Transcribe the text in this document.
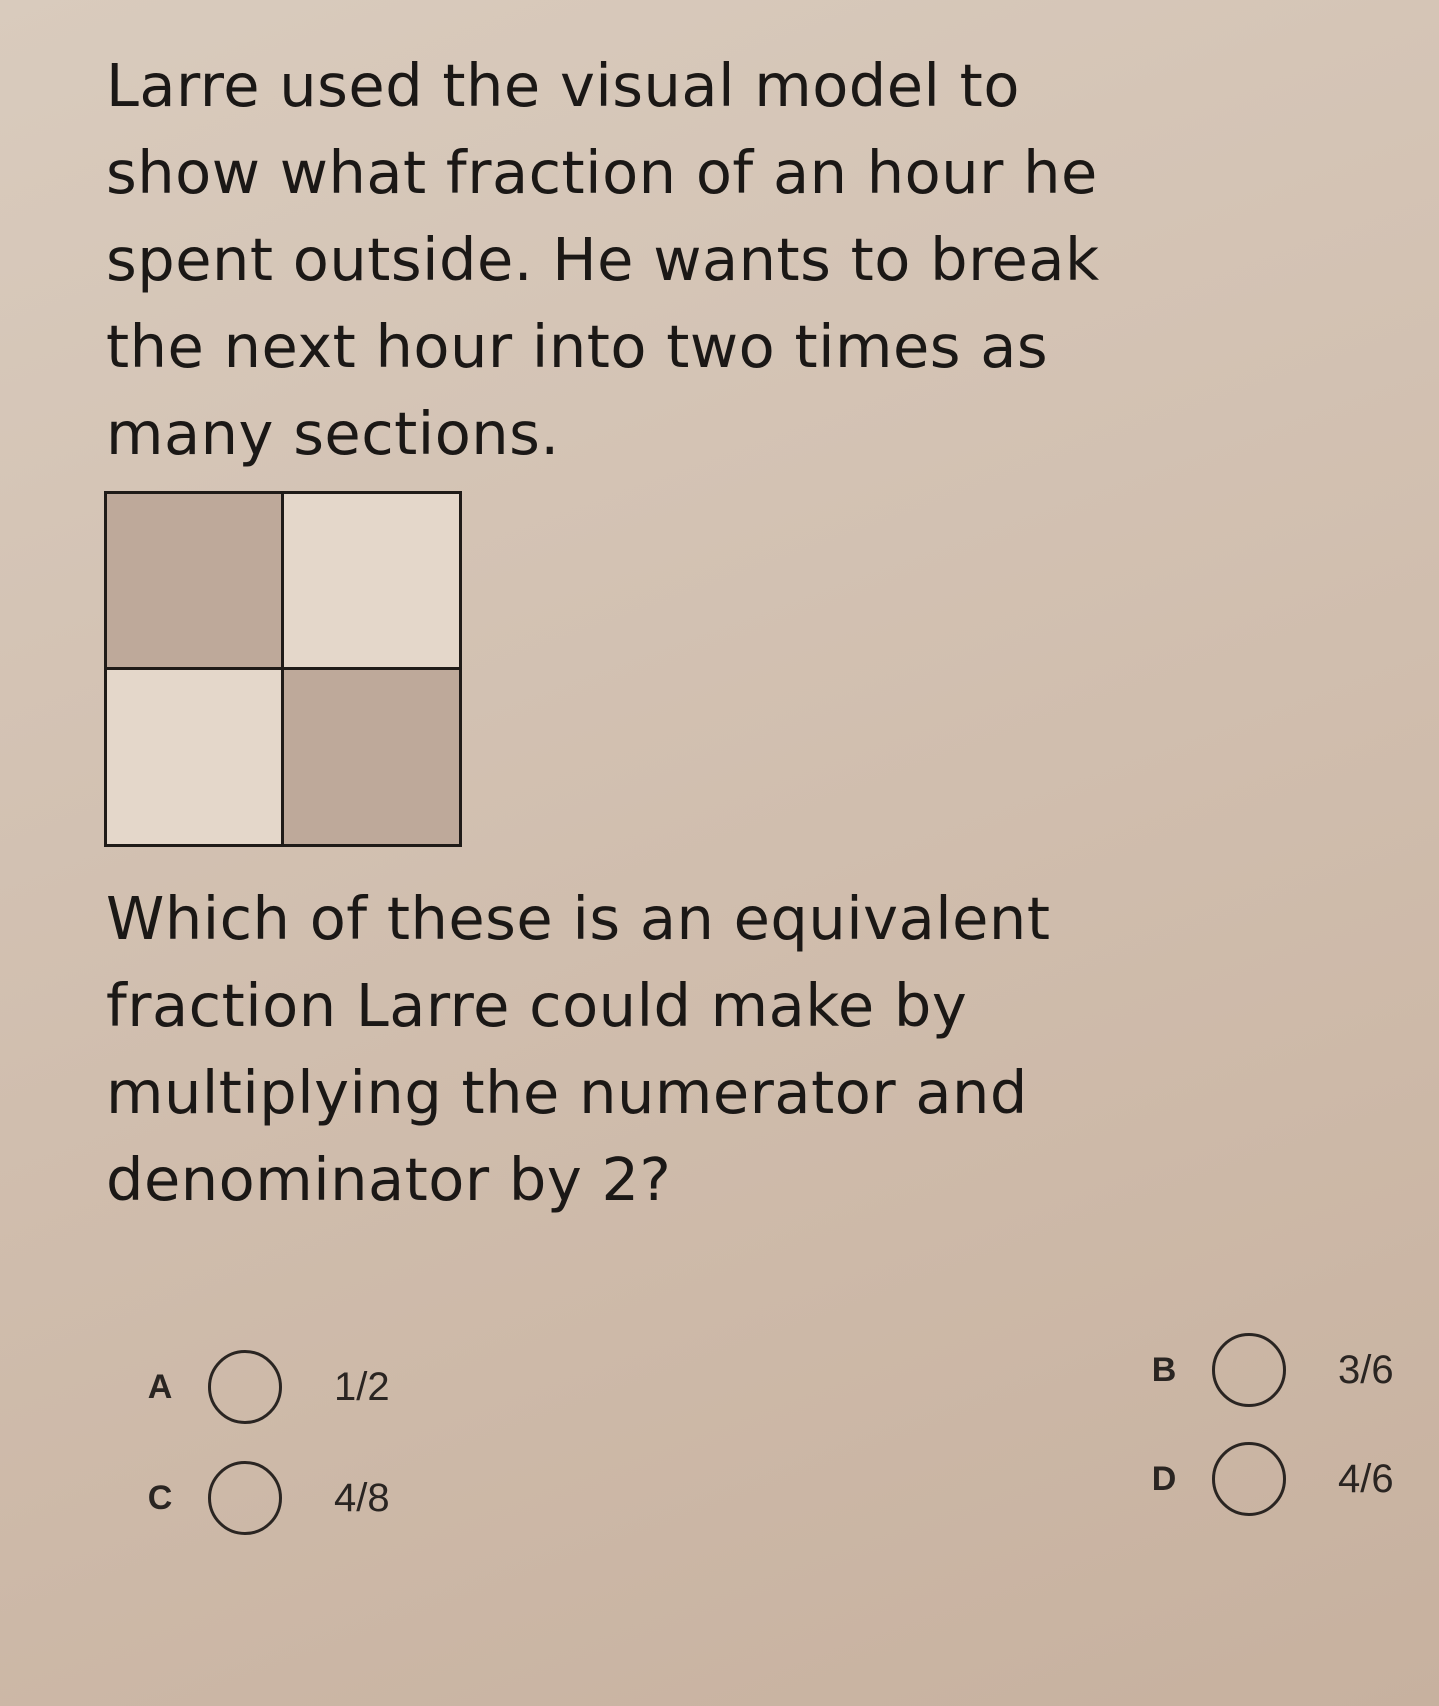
Larre used the visual model to
show what fraction of an hour he
spent outside. He wants to break
the next hour into two times as
many sections.
Which of these is an equivalent
fraction Larre could make by
multiplying the numerator and
denominator by 2?
A	1/2	B	3/6
C	4/8	D	4/6
